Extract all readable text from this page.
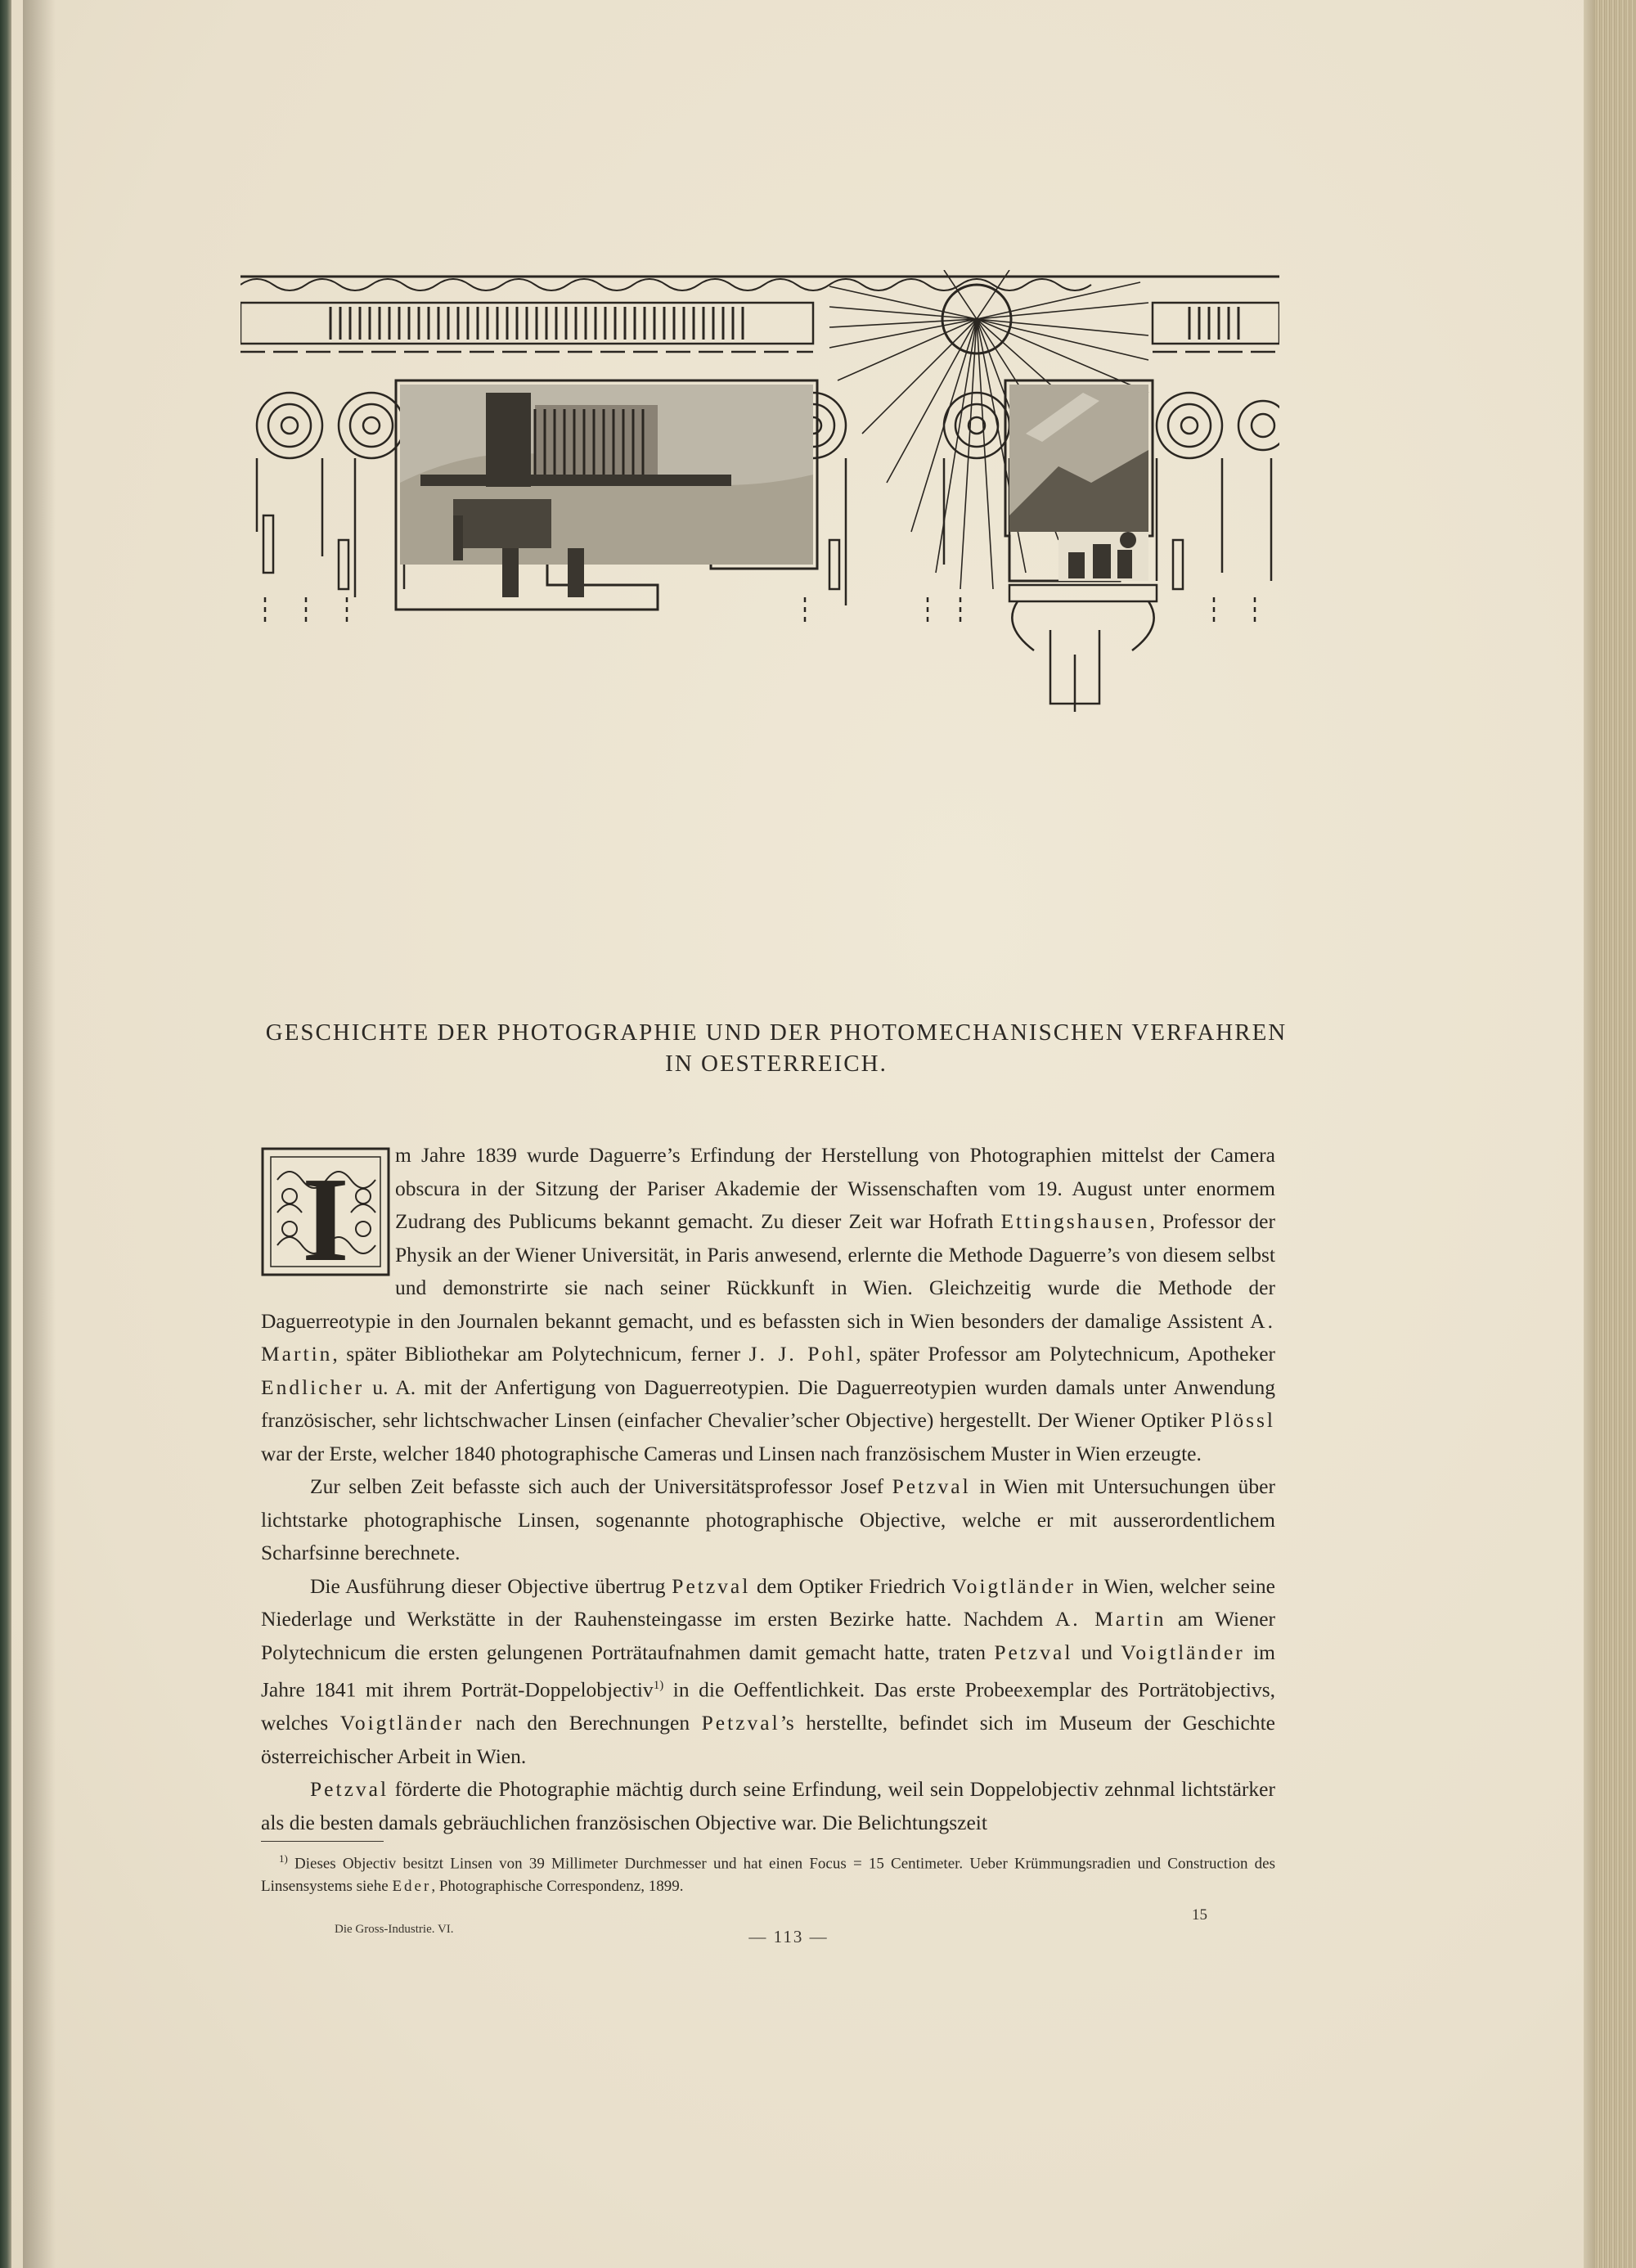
GESCHICHTE DER PHOTOGRAPHIE UND DER PHOTOMECHANISCHEN VERFAHREN
IN OESTERREICH.

I m Jahre 1839 wurde Daguerre’s Erfindung der Herstellung von Photographien mittelst der Camera obscura in der Sitzung der Pariser Akademie der Wissenschaften vom 19. August unter enormem Zudrang des Publicums bekannt gemacht. Zu dieser Zeit war Hofrath Ettingshausen, Professor der Physik an der Wiener Universität, in Paris anwesend, erlernte die Methode Daguerre’s von diesem selbst und demonstrirte sie nach seiner Rückkunft in Wien. Gleichzeitig wurde die Methode der Daguerreotypie in den Journalen bekannt gemacht, und es befassten sich in Wien besonders der damalige Assistent A. Martin, später Bibliothekar am Polytechnicum, ferner J. J. Pohl, später Professor am Polytechnicum, Apotheker Endlicher u. A. mit der Anfertigung von Daguerreotypien. Die Daguerreotypien wurden damals unter Anwendung französischer, sehr lichtschwacher Linsen (einfacher Chevalier’scher Objective) hergestellt. Der Wiener Optiker Plössl war der Erste, welcher 1840 photographische Cameras und Linsen nach französischem Muster in Wien erzeugte.

Zur selben Zeit befasste sich auch der Universitätsprofessor Josef Petzval in Wien mit Untersuchungen über lichtstarke photographische Linsen, sogenannte photographische Objective, welche er mit ausserordentlichem Scharfsinne berechnete.

Die Ausführung dieser Objective übertrug Petzval dem Optiker Friedrich Voigtländer in Wien, welcher seine Niederlage und Werkstätte in der Rauhensteingasse im ersten Bezirke hatte. Nachdem A. Martin am Wiener Polytechnicum die ersten gelungenen Porträtaufnahmen damit gemacht hatte, traten Petzval und Voigtländer im Jahre 1841 mit ihrem Porträt-Doppelobjectiv$^{1)}$ in die Oeffentlichkeit. Das erste Probeexemplar des Porträtobjectivs, welches Voigtländer nach den Berechnungen Petzval’s herstellte, befindet sich im Museum der Geschichte österreichischer Arbeit in Wien.

Petzval förderte die Photographie mächtig durch seine Erfindung, weil sein Doppelobjectiv zehnmal lichtstärker als die besten damals gebräuchlichen französischen Objective war. Die Belichtungszeit

$^{1)}$ Dieses Objectiv besitzt Linsen von 39 Millimeter Durchmesser und hat einen Focus = 15 Centimeter. Ueber Krümmungsradien und Construction des Linsensystems siehe Eder, Photographische Correspondenz, 1899.

Die Gross-Industrie. VI.	— 113 —
15
